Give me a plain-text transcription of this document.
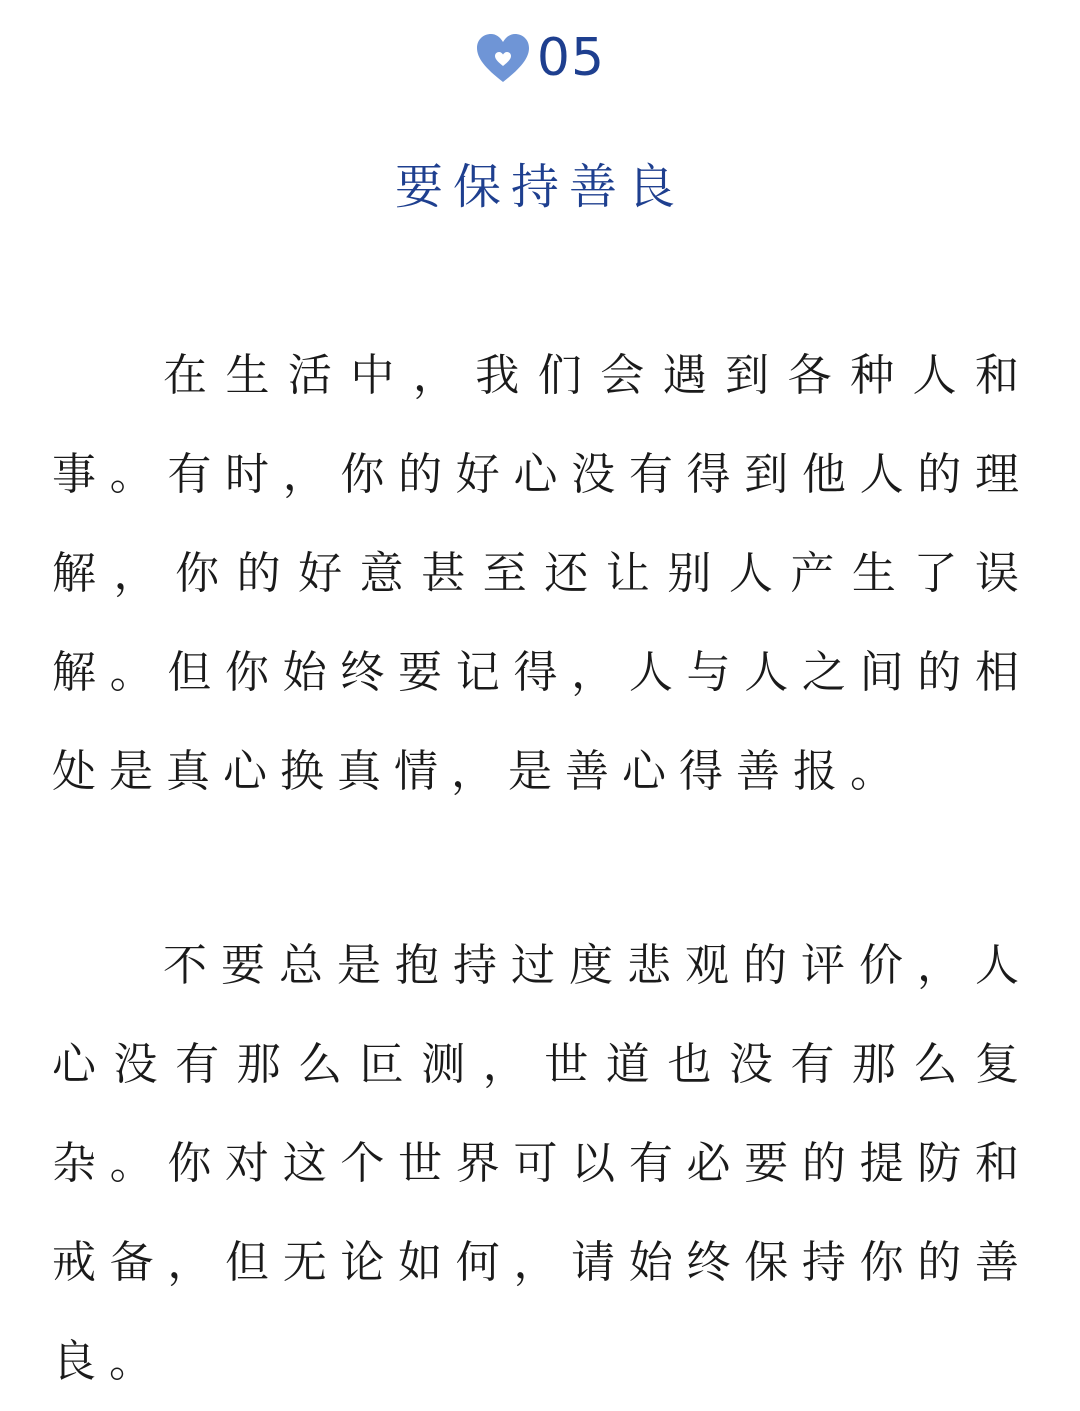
05
要保持善良

在生活中，我们会遇到各种人和事。有时，你的好心没有得到他人的理解，你的好意甚至还让别人产生了误解。但你始终要记得，人与人之间的相处是真心换真情，是善心得善报。

不要总是抱持过度悲观的评价，人心没有那么叵测，世道也没有那么复杂。你对这个世界可以有必要的提防和戒备，但无论如何，请始终保持你的善良。
